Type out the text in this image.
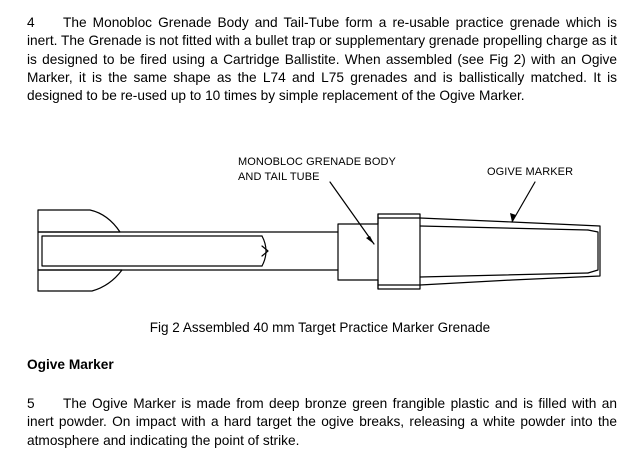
4 The Monobloc Grenade Body and Tail-Tube form a re-usable practice grenade which is inert. The Grenade is not fitted with a bullet trap or supplementary grenade propelling charge as it is designed to be fired using a Cartridge Ballistite. When assembled (see Fig 2) with an Ogive Marker, it is the same shape as the L74 and L75 grenades and is ballistically matched. It is designed to be re-used up to 10 times by simple replacement of the Ogive Marker.

MONOBLOC GRENADE BODY
AND TAIL TUBE	OGIVE MARKER
Fig 2 Assembled 40 mm Target Practice Marker Grenade
Ogive Marker

5 The Ogive Marker is made from deep bronze green frangible plastic and is filled with an inert powder. On impact with a hard target the ogive breaks, releasing a white powder into the atmosphere and indicating the point of strike.
